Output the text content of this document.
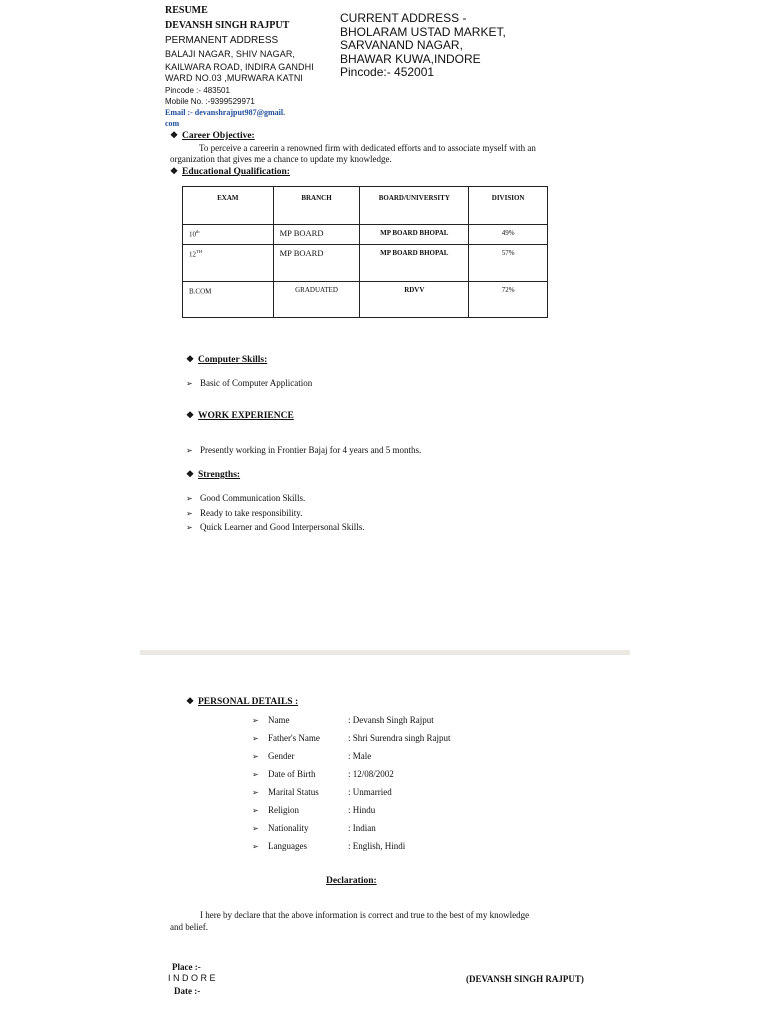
RESUME
DEVANSH SINGH RAJPUT
PERMANENT ADDRESS
BALAJI NAGAR, SHIV NAGAR,
KAILWARA ROAD, INDIRA GANDHI
WARD NO.03 ,MURWARA KATNI
Pincode :- 483501
Mobile No. :-9399529971
Email :- devanshrajput987@gmail.
com
CURRENT ADDRESS -
BHOLARAM USTAD MARKET,
SARVANAND NAGAR,
BHAWAR KUWA,INDORE
Pincode:- 452001
❖ Career Objective:
To perceive a careerin a renowned firm with dedicated efforts and to associate myself with an
organization that gives me a chance to update my knowledge.
❖ Educational Qualification:
EXAM	BRANCH	BOARD/UNIVERSITY	DIVISION
10th	MP BOARD	MP BOARD BHOPAL	49%
12TH	MP BOARD	MP BOARD BHOPAL	57%
B.COM	GRADUATED	RDVV	72%
❖ Computer Skills:
➢ Basic of Computer Application
❖ WORK EXPERIENCE
➢ Presently working in Frontier Bajaj for 4 years and 5 months.
❖ Strengths:
➢ Good Communication Skills.
➢ Ready to take responsibility.
➢ Quick Learner and Good Interpersonal Skills.
❖ PERSONAL DETAILS :
➢ Name	: Devansh Singh Rajput
➢ Father's Name	: Shri Surendra singh Rajput
➢ Gender	: Male
➢ Date of Birth	: 12/08/2002
➢ Marital Status	: Unmarried
➢ Religion	: Hindu
➢ Nationality	: Indian
➢ Languages	: English, Hindi
Declaration:
I here by declare that the above information is correct and true to the best of my knowledge
and belief.
Place :-
I N D O R E
Date :-
(DEVANSH SINGH RAJPUT)
